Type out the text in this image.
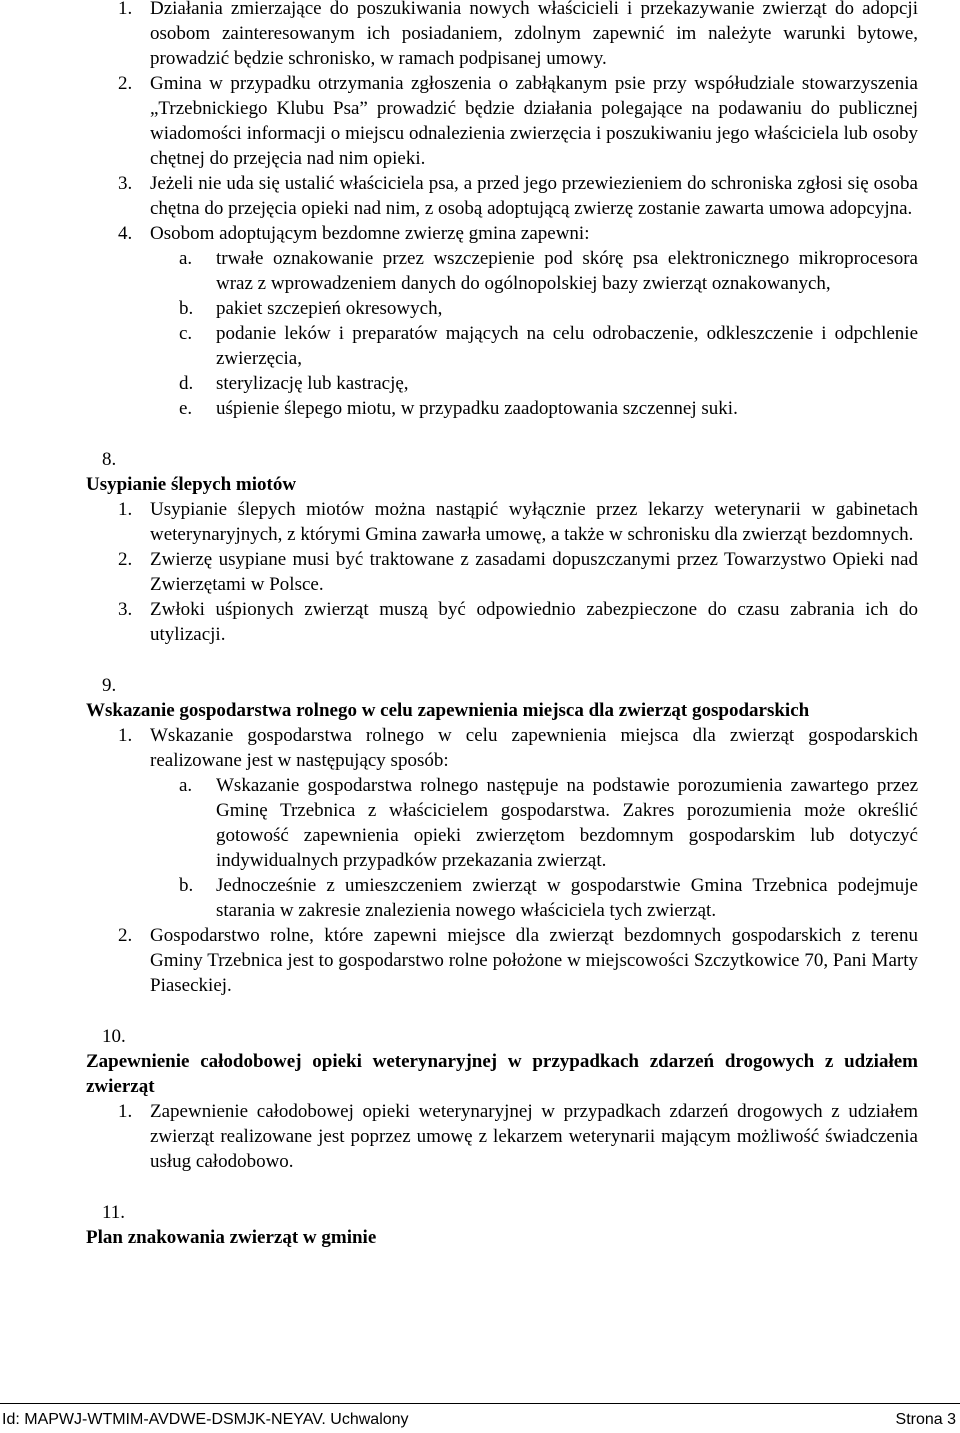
1. Działania zmierzające do poszukiwania nowych właścicieli i przekazywanie zwierząt do adopcji osobom zainteresowanym ich posiadaniem, zdolnym zapewnić im należyte warunki bytowe, prowadzić będzie schronisko, w ramach podpisanej umowy.
2. Gmina w przypadku otrzymania zgłoszenia o zabłąkanym psie przy współudziale stowarzyszenia „Trzebnickiego Klubu Psa” prowadzić będzie działania polegające na podawaniu do publicznej wiadomości informacji o miejscu odnalezienia zwierzęcia i poszukiwaniu jego właściciela lub osoby chętnej do przejęcia nad nim opieki.
3. Jeżeli nie uda się ustalić właściciela psa, a przed jego przewiezieniem do schroniska zgłosi się osoba chętna do przejęcia opieki nad nim, z osobą adoptującą zwierzę zostanie zawarta umowa adopcyjna.
4. Osobom adoptującym bezdomne zwierzę gmina zapewni:
a. trwałe oznakowanie przez wszczepienie pod skórę psa elektronicznego mikroprocesora wraz z wprowadzeniem danych do ogólnopolskiej bazy zwierząt oznakowanych,
b. pakiet szczepień okresowych,
c. podanie leków i preparatów mających na celu odrobaczenie, odkleszczenie i odpchlenie zwierzęcia,
d. sterylizację lub kastrację,
e. uśpienie ślepego miotu, w przypadku zaadoptowania szczennej suki.
8.
Usypianie ślepych miotów
1. Usypianie ślepych miotów można nastąpić wyłącznie przez lekarzy weterynarii w gabinetach weterynaryjnych, z którymi Gmina zawarła umowę, a także w schronisku dla zwierząt bezdomnych.
2. Zwierzę usypiane musi być traktowane z zasadami dopuszczanymi przez Towarzystwo Opieki nad Zwierzętami w Polsce.
3. Zwłoki uśpionych zwierząt muszą być odpowiednio zabezpieczone do czasu zabrania ich do utylizacji.
9.
Wskazanie gospodarstwa rolnego w celu zapewnienia miejsca dla zwierząt gospodarskich
1. Wskazanie gospodarstwa rolnego w celu zapewnienia miejsca dla zwierząt gospodarskich realizowane jest w następujący sposób:
a. Wskazanie gospodarstwa rolnego następuje na podstawie porozumienia zawartego przez Gminę Trzebnica z właścicielem gospodarstwa. Zakres porozumienia może określić gotowość zapewnienia opieki zwierzętom bezdomnym gospodarskim lub dotyczyć indywidualnych przypadków przekazania zwierząt.
b. Jednocześnie z umieszczeniem zwierząt w gospodarstwie Gmina Trzebnica podejmuje starania w zakresie znalezienia nowego właściciela tych zwierząt.
2. Gospodarstwo rolne, które zapewni miejsce dla zwierząt bezdomnych gospodarskich z terenu Gminy Trzebnica jest to gospodarstwo rolne położone w miejscowości Szczytkowice 70, Pani Marty Piaseckiej.
10.
Zapewnienie całodobowej opieki weterynaryjnej w przypadkach zdarzeń drogowych z udziałem zwierząt
1. Zapewnienie całodobowej opieki weterynaryjnej w przypadkach zdarzeń drogowych z udziałem zwierząt realizowane jest poprzez umowę z lekarzem weterynarii mającym możliwość świadczenia usług całodobowo.
11.
Plan znakowania zwierząt w gminie
Id: MAPWJ-WTMIM-AVDWE-DSMJK-NEYAV. Uchwalony	Strona 3
